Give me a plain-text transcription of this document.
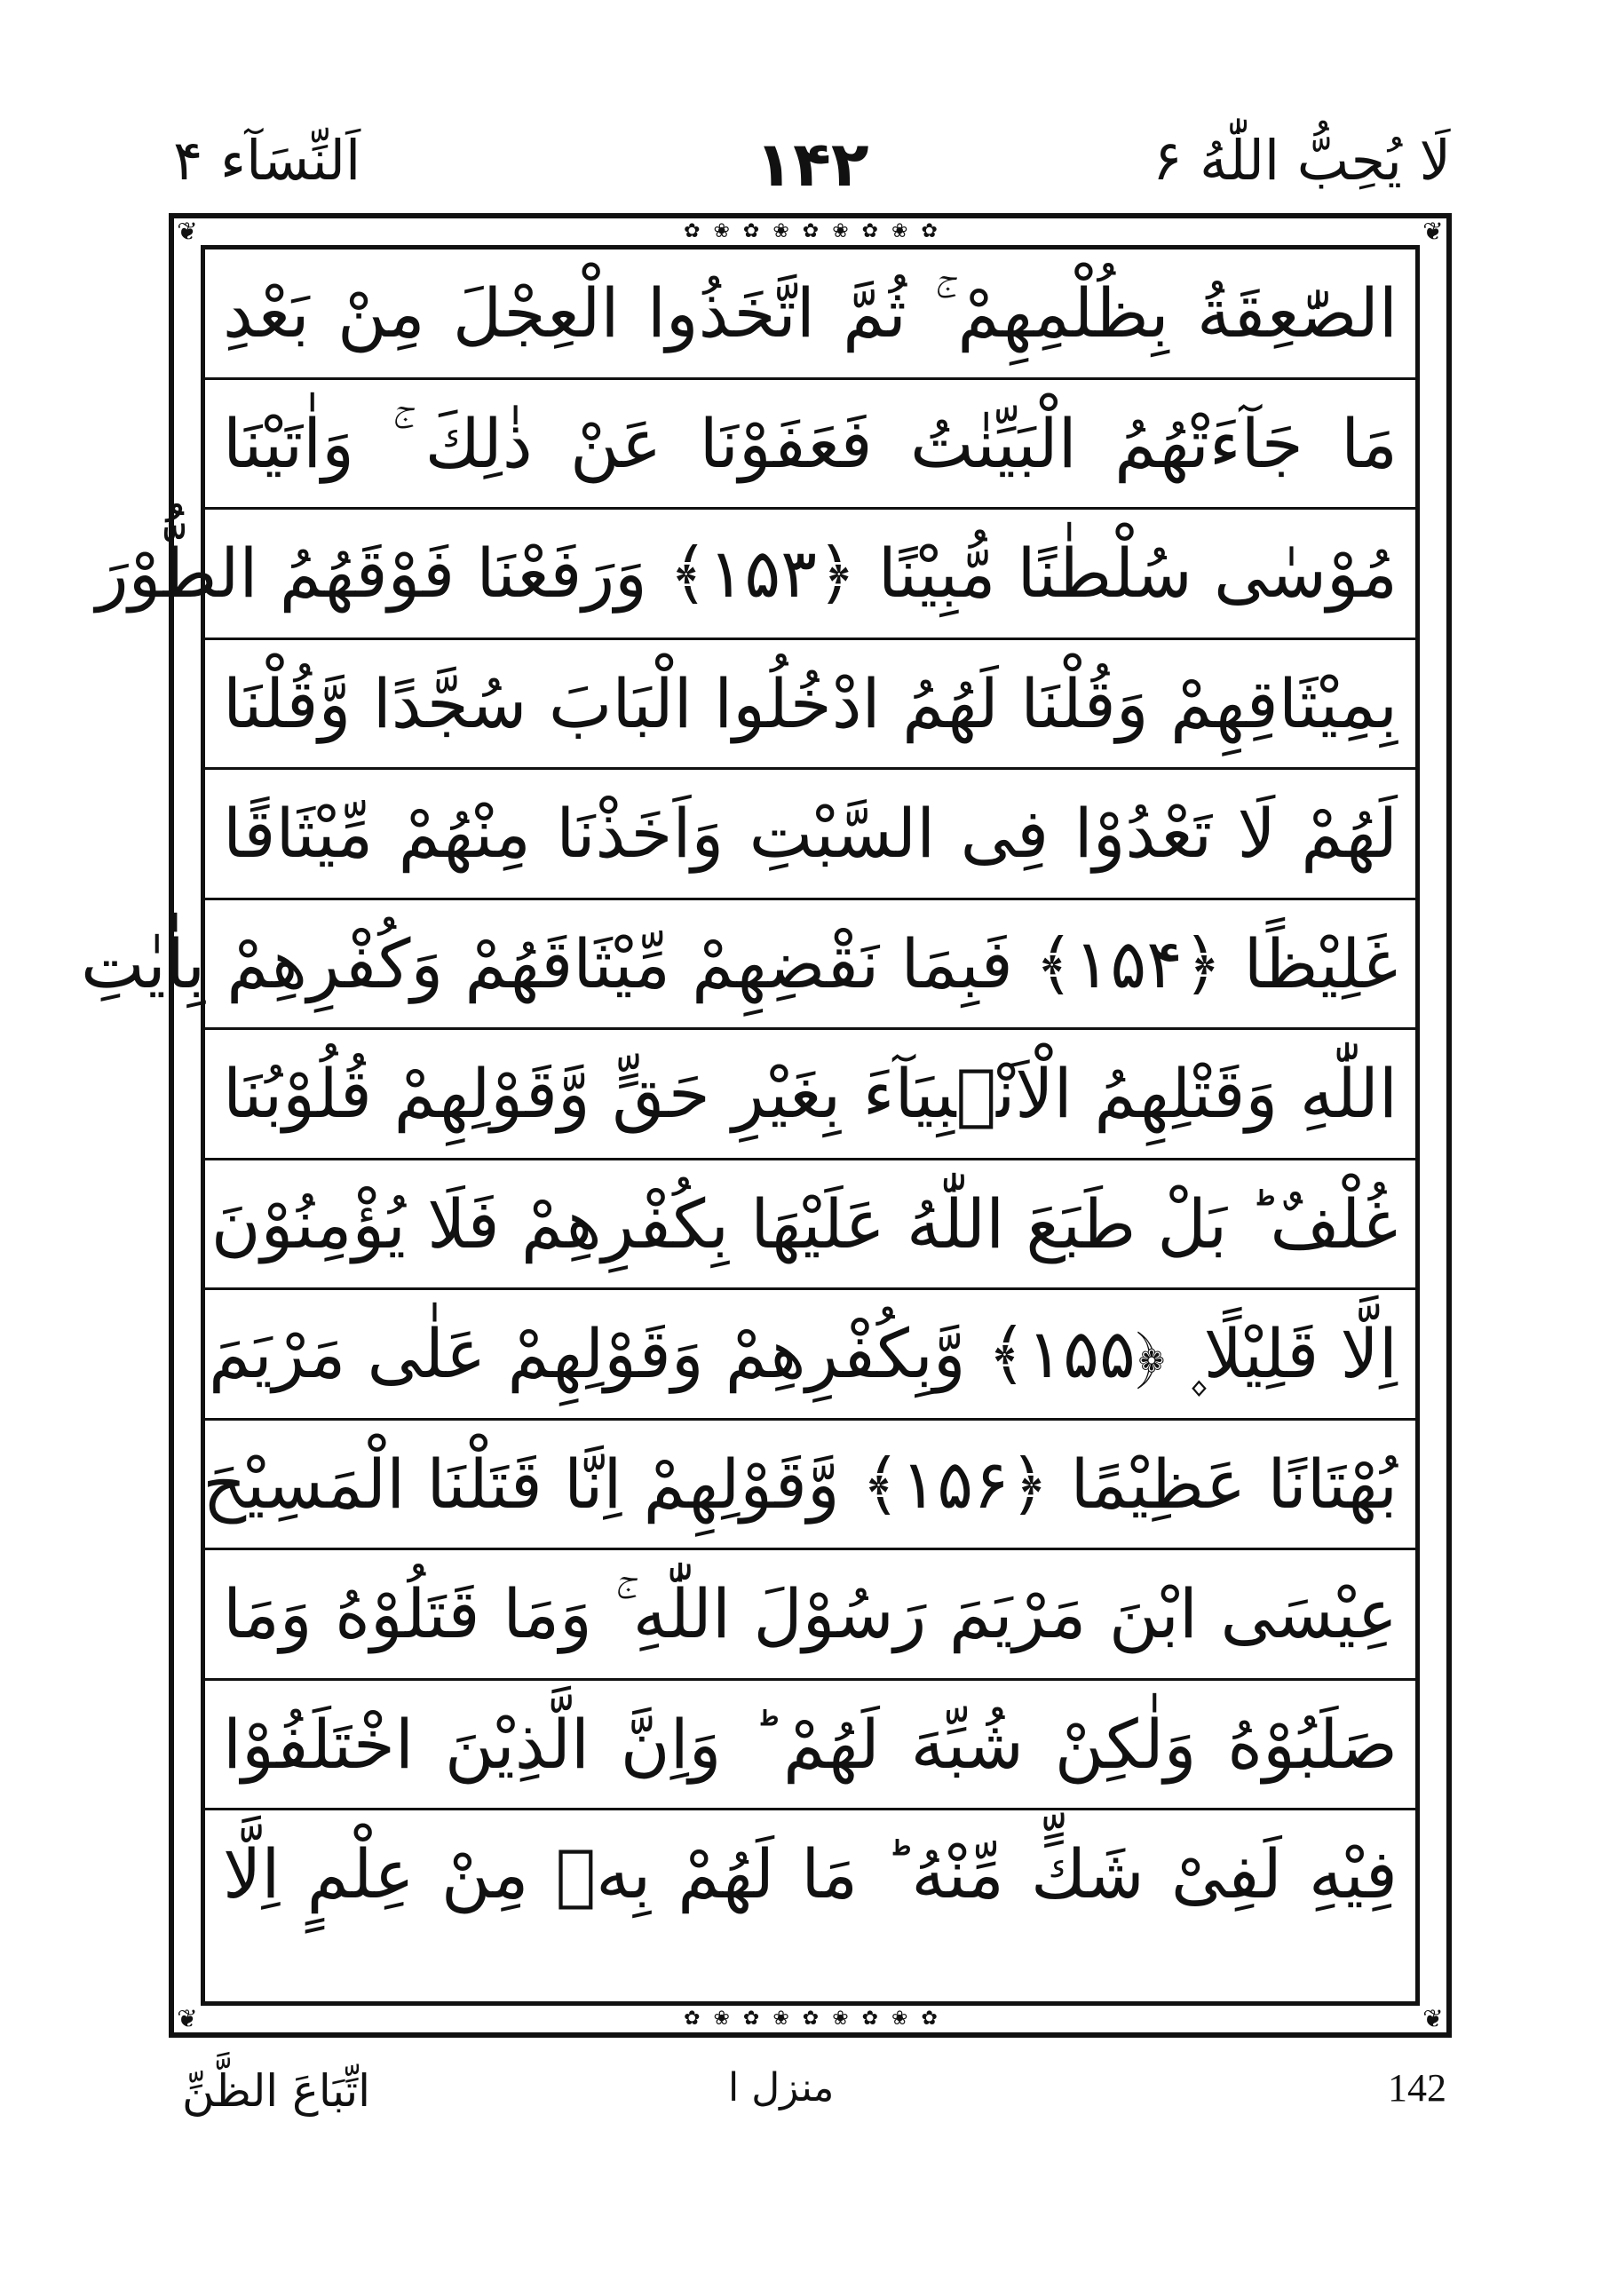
اَلنِّسَآء ۴	۱۴۲	لَا يُحِبُّ اللّٰهُ ۶
❦	❦
❦	❦
✿ ❀ ✿ ❀ ✿ ❀ ✿ ❀ ✿
✿ ❀ ✿ ❀ ✿ ❀ ✿ ❀ ✿
الصّٰعِقَةُ بِظُلْمِهِمْ ۚ ثُمَّ اتَّخَذُوا الْعِجْلَ مِنْ بَعْدِ
مَا جَآءَتْهُمُ الْبَيِّنٰتُ فَعَفَوْنَا عَنْ ذٰلِكَ ۚ وَاٰتَيْنَا
مُوْسٰى سُلْطٰنًا مُّبِيْنًا ﴿۱۵۳﴾ وَرَفَعْنَا فَوْقَهُمُ الطُّوْرَ
بِمِيْثَاقِهِمْ وَقُلْنَا لَهُمُ ادْخُلُوا الْبَابَ سُجَّدًا وَّقُلْنَا
لَهُمْ لَا تَعْدُوْا فِى السَّبْتِ وَاَخَذْنَا مِنْهُمْ مِّيْثَاقًا
غَلِيْظًا ﴿۱۵۴﴾ فَبِمَا نَقْضِهِمْ مِّيْثَاقَهُمْ وَكُفْرِهِمْ بِاٰيٰتِ
اللّٰهِ وَقَتْلِهِمُ الْاَنْۢبِيَآءَ بِغَيْرِ حَقٍّ وَّقَوْلِهِمْ قُلُوْبُنَا
غُلْفٌ ؕ بَلْ طَبَعَ اللّٰهُ عَلَيْهَا بِكُفْرِهِمْ فَلَا يُؤْمِنُوْنَ
اِلَّا قَلِيْلًا ۪ ﴿۱۵۵﴾ وَّبِكُفْرِهِمْ وَقَوْلِهِمْ عَلٰى مَرْيَمَ
بُهْتَانًا عَظِيْمًا ﴿۱۵۶﴾ وَّقَوْلِهِمْ اِنَّا قَتَلْنَا الْمَسِيْحَ
عِيْسَى ابْنَ مَرْيَمَ رَسُوْلَ اللّٰهِ ۚ وَمَا قَتَلُوْهُ وَمَا
صَلَبُوْهُ وَلٰكِنْ شُبِّهَ لَهُمْ ؕ وَاِنَّ الَّذِيْنَ اخْتَلَفُوْا
فِيْهِ لَفِىْ شَكٍّ مِّنْهُ ؕ مَا لَهُمْ بِهٖ مِنْ عِلْمٍ اِلَّا
اتِّبَاعَ الظَّنِّ	منزل ا	142
